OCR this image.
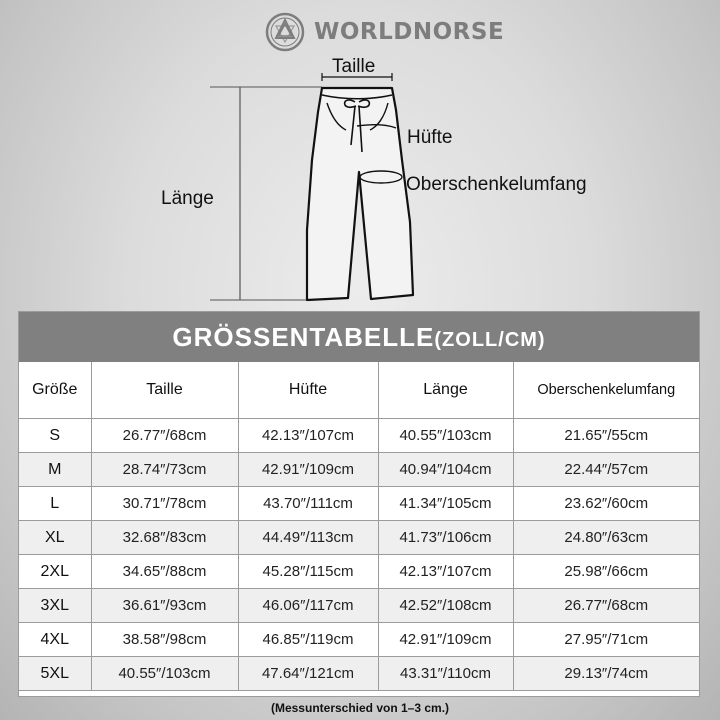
WORLDNORSE
Taille
Hüfte
Länge
Oberschenkelumfang
GRÖSSENTABELLE(ZOLL/CM)
Größe	Taille	Hüfte	Länge	Oberschenkelumfang
S	26.77″/68cm	42.13″/107cm	40.55″/103cm	21.65″/55cm
M	28.74″/73cm	42.91″/109cm	40.94″/104cm	22.44″/57cm
L	30.71″/78cm	43.70″/111cm	41.34″/105cm	23.62″/60cm
XL	32.68″/83cm	44.49″/113cm	41.73″/106cm	24.80″/63cm
2XL	34.65″/88cm	45.28″/115cm	42.13″/107cm	25.98″/66cm
3XL	36.61″/93cm	46.06″/117cm	42.52″/108cm	26.77″/68cm
4XL	38.58″/98cm	46.85″/119cm	42.91″/109cm	27.95″/71cm
5XL	40.55″/103cm	47.64″/121cm	43.31″/110cm	29.13″/74cm
(Messunterschied von 1–3 cm.)
